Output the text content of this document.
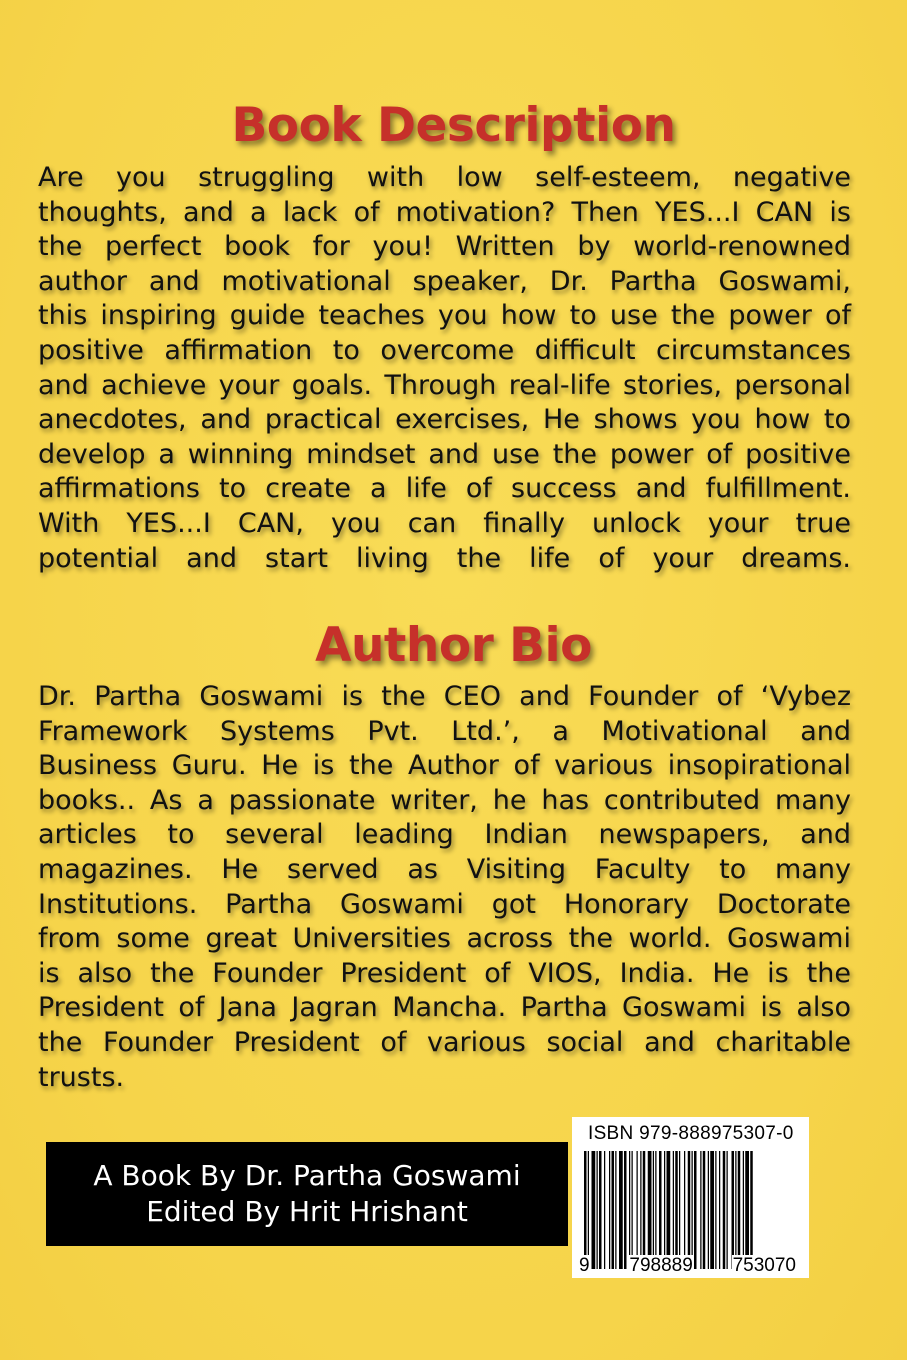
Book Description

Are you struggling with low self-esteem, negative
thoughts, and a lack of motivation? Then YES...I CAN is
the perfect book for you! Written by world-renowned
author and motivational speaker, Dr. Partha Goswami,
this inspiring guide teaches you how to use the power of
positive affirmation to overcome difficult circumstances
and achieve your goals. Through real-life stories, personal
anecdotes, and practical exercises, He shows you how to
develop a winning mindset and use the power of positive
affirmations to create a life of success and fulfillment.
With YES...I CAN, you can finally unlock your true
potential and start living the life of your dreams.

Author Bio

Dr. Partha Goswami is the CEO and Founder of ‘Vybez
Framework Systems Pvt. Ltd.’, a Motivational and
Business Guru. He is the Author of various insopirational
books.. As a passionate writer, he has contributed many
articles to several leading Indian newspapers, and
magazines. He served as Visiting Faculty to many
Institutions. Partha Goswami got Honorary Doctorate
from some great Universities across the world. Goswami
is also the Founder President of VIOS, India. He is the
President of Jana Jagran Mancha. Partha Goswami is also
the Founder President of various social and charitable
trusts.

A Book By Dr. Partha Goswami
Edited By Hrit Hrishant
ISBN 979-888975307-0
9 798889 753070
